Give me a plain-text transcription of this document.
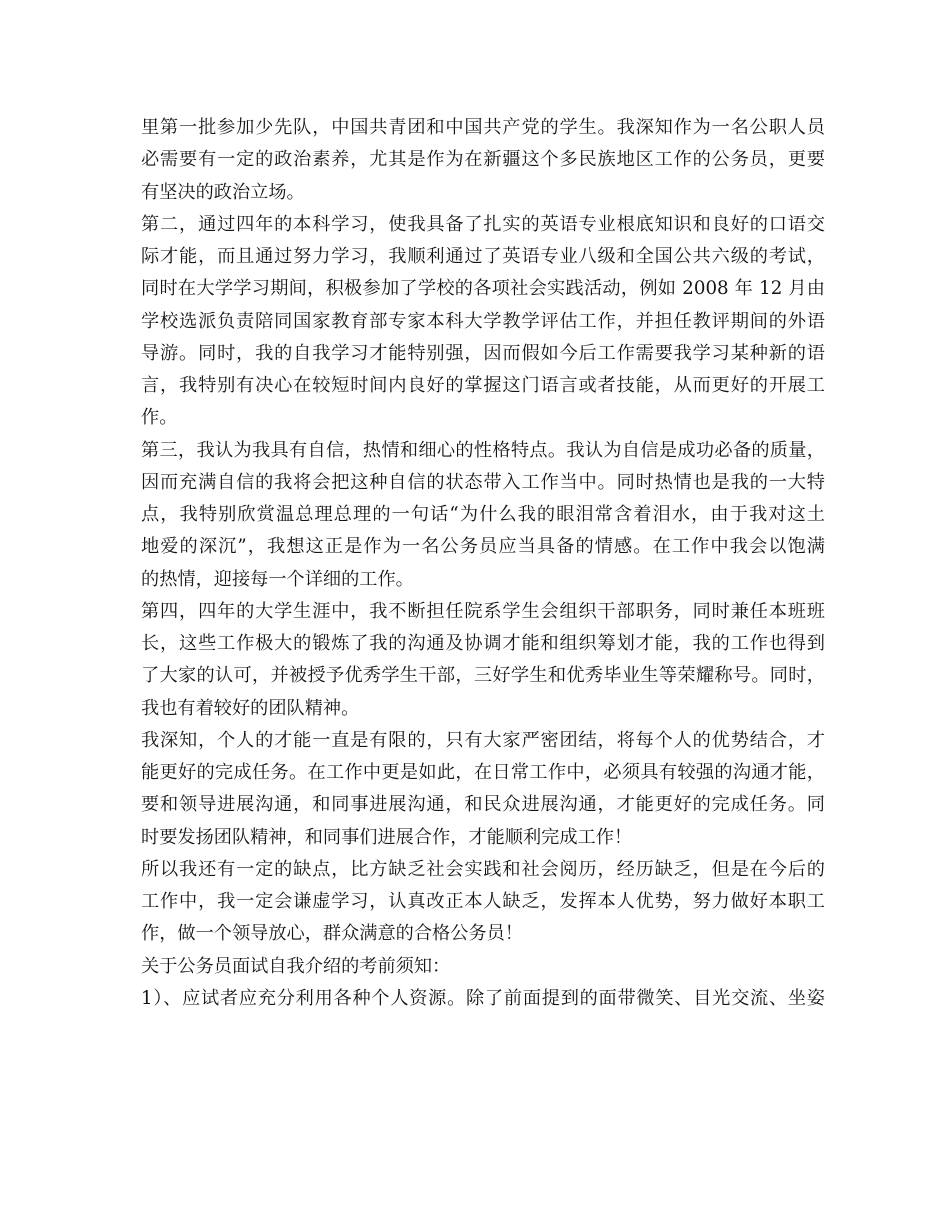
里第一批参加少先队，中国共青团和中国共产党的学生。我深知作为一名公职人员
必需要有一定的政治素养，尤其是作为在新疆这个多民族地区工作的公务员，更要
有坚决的政治立场。
第二，通过四年的本科学习，使我具备了扎实的英语专业根底知识和良好的口语交
际才能，而且通过努力学习，我顺利通过了英语专业八级和全国公共六级的考试，
同时在大学学习期间，积极参加了学校的各项社会实践活动，例如 2008 年 12 月由
学校选派负责陪同国家教育部专家本科大学教学评估工作，并担任教评期间的外语
导游。同时，我的自我学习才能特别强，因而假如今后工作需要我学习某种新的语
言，我特别有决心在较短时间内良好的掌握这门语言或者技能，从而更好的开展工
作。
第三，我认为我具有自信，热情和细心的性格特点。我认为自信是成功必备的质量，
因而充满自信的我将会把这种自信的状态带入工作当中。同时热情也是我的一大特
点，我特别欣赏温总理总理的一句话“为什么我的眼泪常含着泪水，由于我对这土
地爱的深沉”，我想这正是作为一名公务员应当具备的情感。在工作中我会以饱满
的热情，迎接每一个详细的工作。
第四，四年的大学生涯中，我不断担任院系学生会组织干部职务，同时兼任本班班
长，这些工作极大的锻炼了我的沟通及协调才能和组织筹划才能，我的工作也得到
了大家的认可，并被授予优秀学生干部，三好学生和优秀毕业生等荣耀称号。同时，
我也有着较好的团队精神。
我深知，个人的才能一直是有限的，只有大家严密团结，将每个人的优势结合，才
能更好的完成任务。在工作中更是如此，在日常工作中，必须具有较强的沟通才能，
要和领导进展沟通，和同事进展沟通，和民众进展沟通，才能更好的完成任务。同
时要发扬团队精神，和同事们进展合作，才能顺利完成工作！
所以我还有一定的缺点，比方缺乏社会实践和社会阅历，经历缺乏，但是在今后的
工作中，我一定会谦虚学习，认真改正本人缺乏，发挥本人优势，努力做好本职工
作，做一个领导放心，群众满意的合格公务员！
关于公务员面试自我介绍的考前须知：
1）、应试者应充分利用各种个人资源。除了前面提到的面带微笑、目光交流、坐姿
